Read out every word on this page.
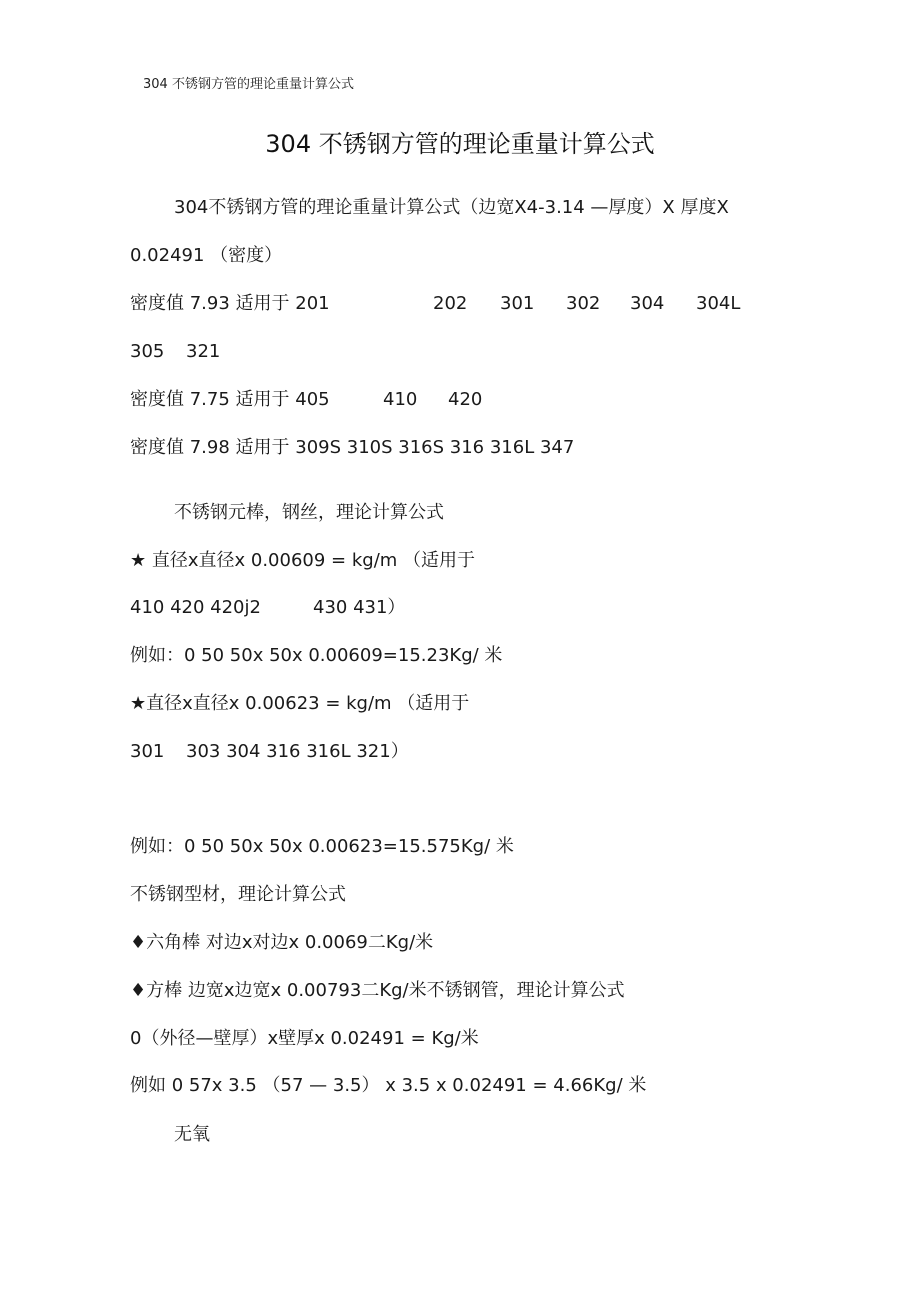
304 不锈钢方管的理论重量计算公式
304 不锈钢方管的理论重量计算公式
304不锈钢方管的理论重量计算公式（边宽Ⅹ4-3.14 —厚度）Ⅹ 厚度Ⅹ
0.02491 （密度）
密度值 7.93 适用于 201	202 301 302 304 304L
305 321
密度值 7.75 适用于 405	410 420
密度值 7.98 适用于 309S 310S 316S 316 316L 347
不锈钢元棒，钢丝，理论计算公式
★ 直径x直径x 0.00609 = kg/m （适用于
410 420 420j2	430 431）
例如：0 50 50x 50x 0.00609=15.23Kg/ 米
★直径x直径x 0.00623 = kg/m （适用于
301 303 304 316 316L 321）
例如：0 50 50x 50x 0.00623=15.575Kg/ 米
不锈钢型材，理论计算公式
♦六角棒 对边x对边x 0.0069二Kg/米
♦方棒 边宽x边宽x 0.00793二Kg/米不锈钢管，理论计算公式
0（外径—壁厚）x壁厚x 0.02491 = Kg/米
例如 0 57x 3.5 （57 — 3.5） x 3.5 x 0.02491 = 4.66Kg/ 米
无氧
